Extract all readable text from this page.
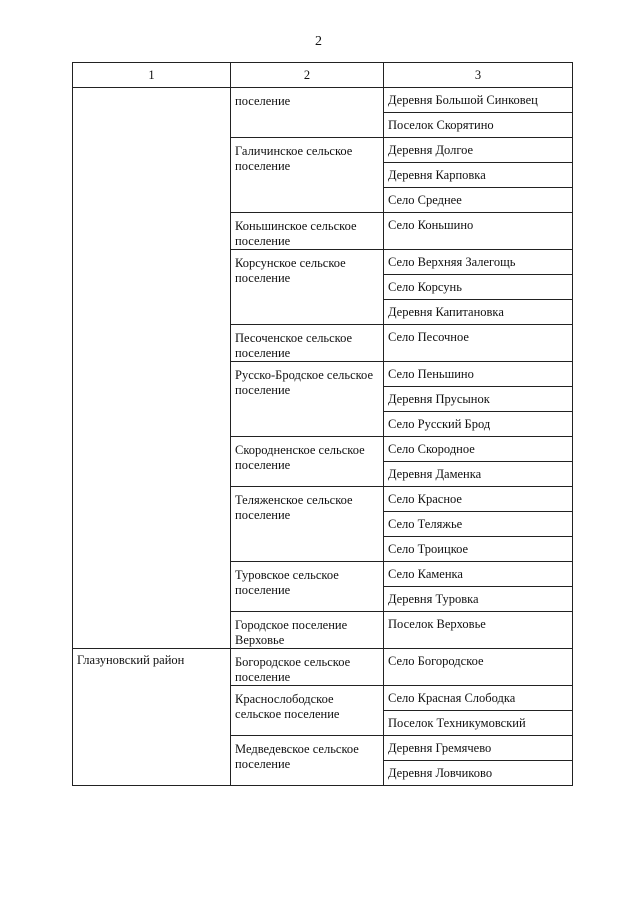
2
1	2	3
	поселение	Деревня Большой Синковец
		Поселок Скорятино
	Галичинское сельское поселение	Деревня Долгое
		Деревня Карповка
		Село Среднее
	Коньшинское сельское поселение	Село Коньшино
	Корсунское сельское поселение	Село Верхняя Залегощь
		Село Корсунь
		Деревня Капитановка
	Песоченское сельское поселение	Село Песочное
	Русско-Бродское сельское поселение	Село Пеньшино
		Деревня Прусынок
		Село Русский Брод
	Скородненское сельское поселение	Село Скородное
		Деревня Даменка
	Теляженское сельское поселение	Село Красное
		Село Теляжье
		Село Троицкое
	Туровское сельское поселение	Село Каменка
		Деревня Туровка
	Городское поселение Верховье	Поселок Верховье
Глазуновский район	Богородское сельское поселение	Село Богородское
	Краснослободское сельское поселение	Село Красная Слободка
		Поселок Техникумовский
	Медведевское сельское поселение	Деревня Гремячево
		Деревня Ловчиково
